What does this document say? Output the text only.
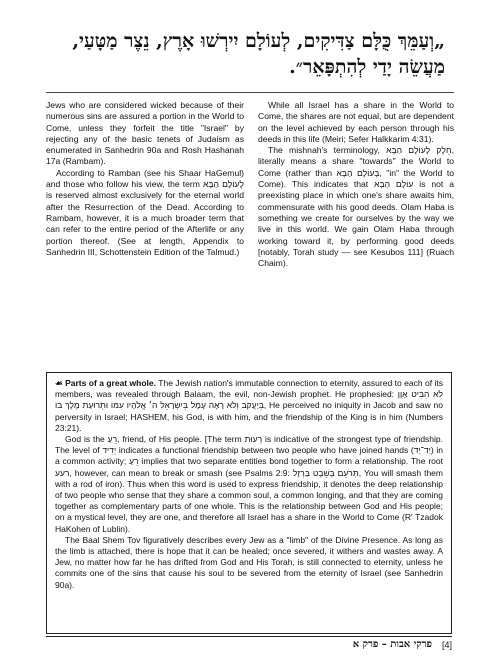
„וְעַמֵּךְ כֻּלָּם צַדִּיקִים, לְעוֹלָם יִירְשׁוּ אָרֶץ, נֵצֶר מַטָּעַי,
מַעֲשֵׂה יָדַי לְהִתְפָּאֵר״.

Jews who are considered wicked because of their numerous sins are assured a portion in the World to Come, unless they forfeit the title "Israel" by rejecting any of the basic tenets of Judaism as enumerated in Sanhedrin 90a and Rosh Hashanah 17a (Rambam).

According to Ramban (see his Shaar HaGemul) and those who follow his view, the term לָעוֹלָם הַבָּא is reserved almost exclusively for the eternal world after the Resurrection of the Dead. According to Rambam, however, it is a much broader term that can refer to the entire period of the Afterlife or any portion thereof. (See at length, Appendix to Sanhedrin III, Schottenstein Edition of the Talmud.)

While all Israel has a share in the World to Come, the shares are not equal, but are dependent on the level achieved by each person through his deeds in this life (Meiri; Sefer Halkkarim 4:31).

The mishnah's terminology, חֵלֶק לָעוֹלָם הַבָּא, literally means a share "towards" the World to Come (rather than בָּעוֹלָם הַבָּא, "in" the World to Come). This indicates that עוֹלָם הַבָּא is not a preexisting place in which one's share awaits him, commensurate with his good deeds. Olam Haba is something we create for ourselves by the way we live in this world. We gain Olam Haba through working toward it, by performing good deeds [notably, Torah study — see Kesubos 111] (Ruach Chaim).

☙ Parts of a great whole. The Jewish nation's immutable connection to eternity, assured to each of its members, was revealed through Balaam, the evil, non-Jewish prophet. He prophesied: לֹא הִבִּיט אָוֶן בְּיַעֲקֹב וְלֹא רָאָה עָמָל בְּיִשְׂרָאֵל ה׳ אֱלֹהָיו עִמּוֹ וּתְרוּעַת מֶלֶךְ בּוֹ, He perceived no iniquity in Jacob and saw no perversity in Israel; HASHEM, his God, is with him, and the friendship of the King is in him (Numbers 23:21).

God is the רֵעַ, friend, of His people. [The term רְעוּת is indicative of the strongest type of friendship. The level of יְדִיד indicates a functional friendship between two people who have joined hands (יַד־יַד) in a common activity; רֵעַ implies that two separate entities bond together to form a relationship. The root רעע, however, can mean to break or smash (see Psalms 2:9: תְּרֹעֵם בְּשֵׁבֶט בַּרְזֶל, You will smash them with a rod of iron). Thus when this word is used to express friendship, it denotes the deep relationship of two people who sense that they share a common soul, a common longing, and that they are coming together as complementary parts of one whole. This is the relationship between God and His people; on a mystical level, they are one, and therefore all Israel has a share in the World to Come (R' Tzadok HaKohen of Lublin).

The Baal Shem Tov figuratively describes every Jew as a "limb" of the Divine Presence. As long as the limb is attached, there is hope that it can be healed; once severed, it withers and wastes away. A Jew, no matter how far he has drifted from God and His Torah, is still connected to eternity, unless he commits one of the sins that cause his soul to be severed from the eternity of Israel (see Sanhedrin 90a).

פרקי אבות – פרק א [4]
